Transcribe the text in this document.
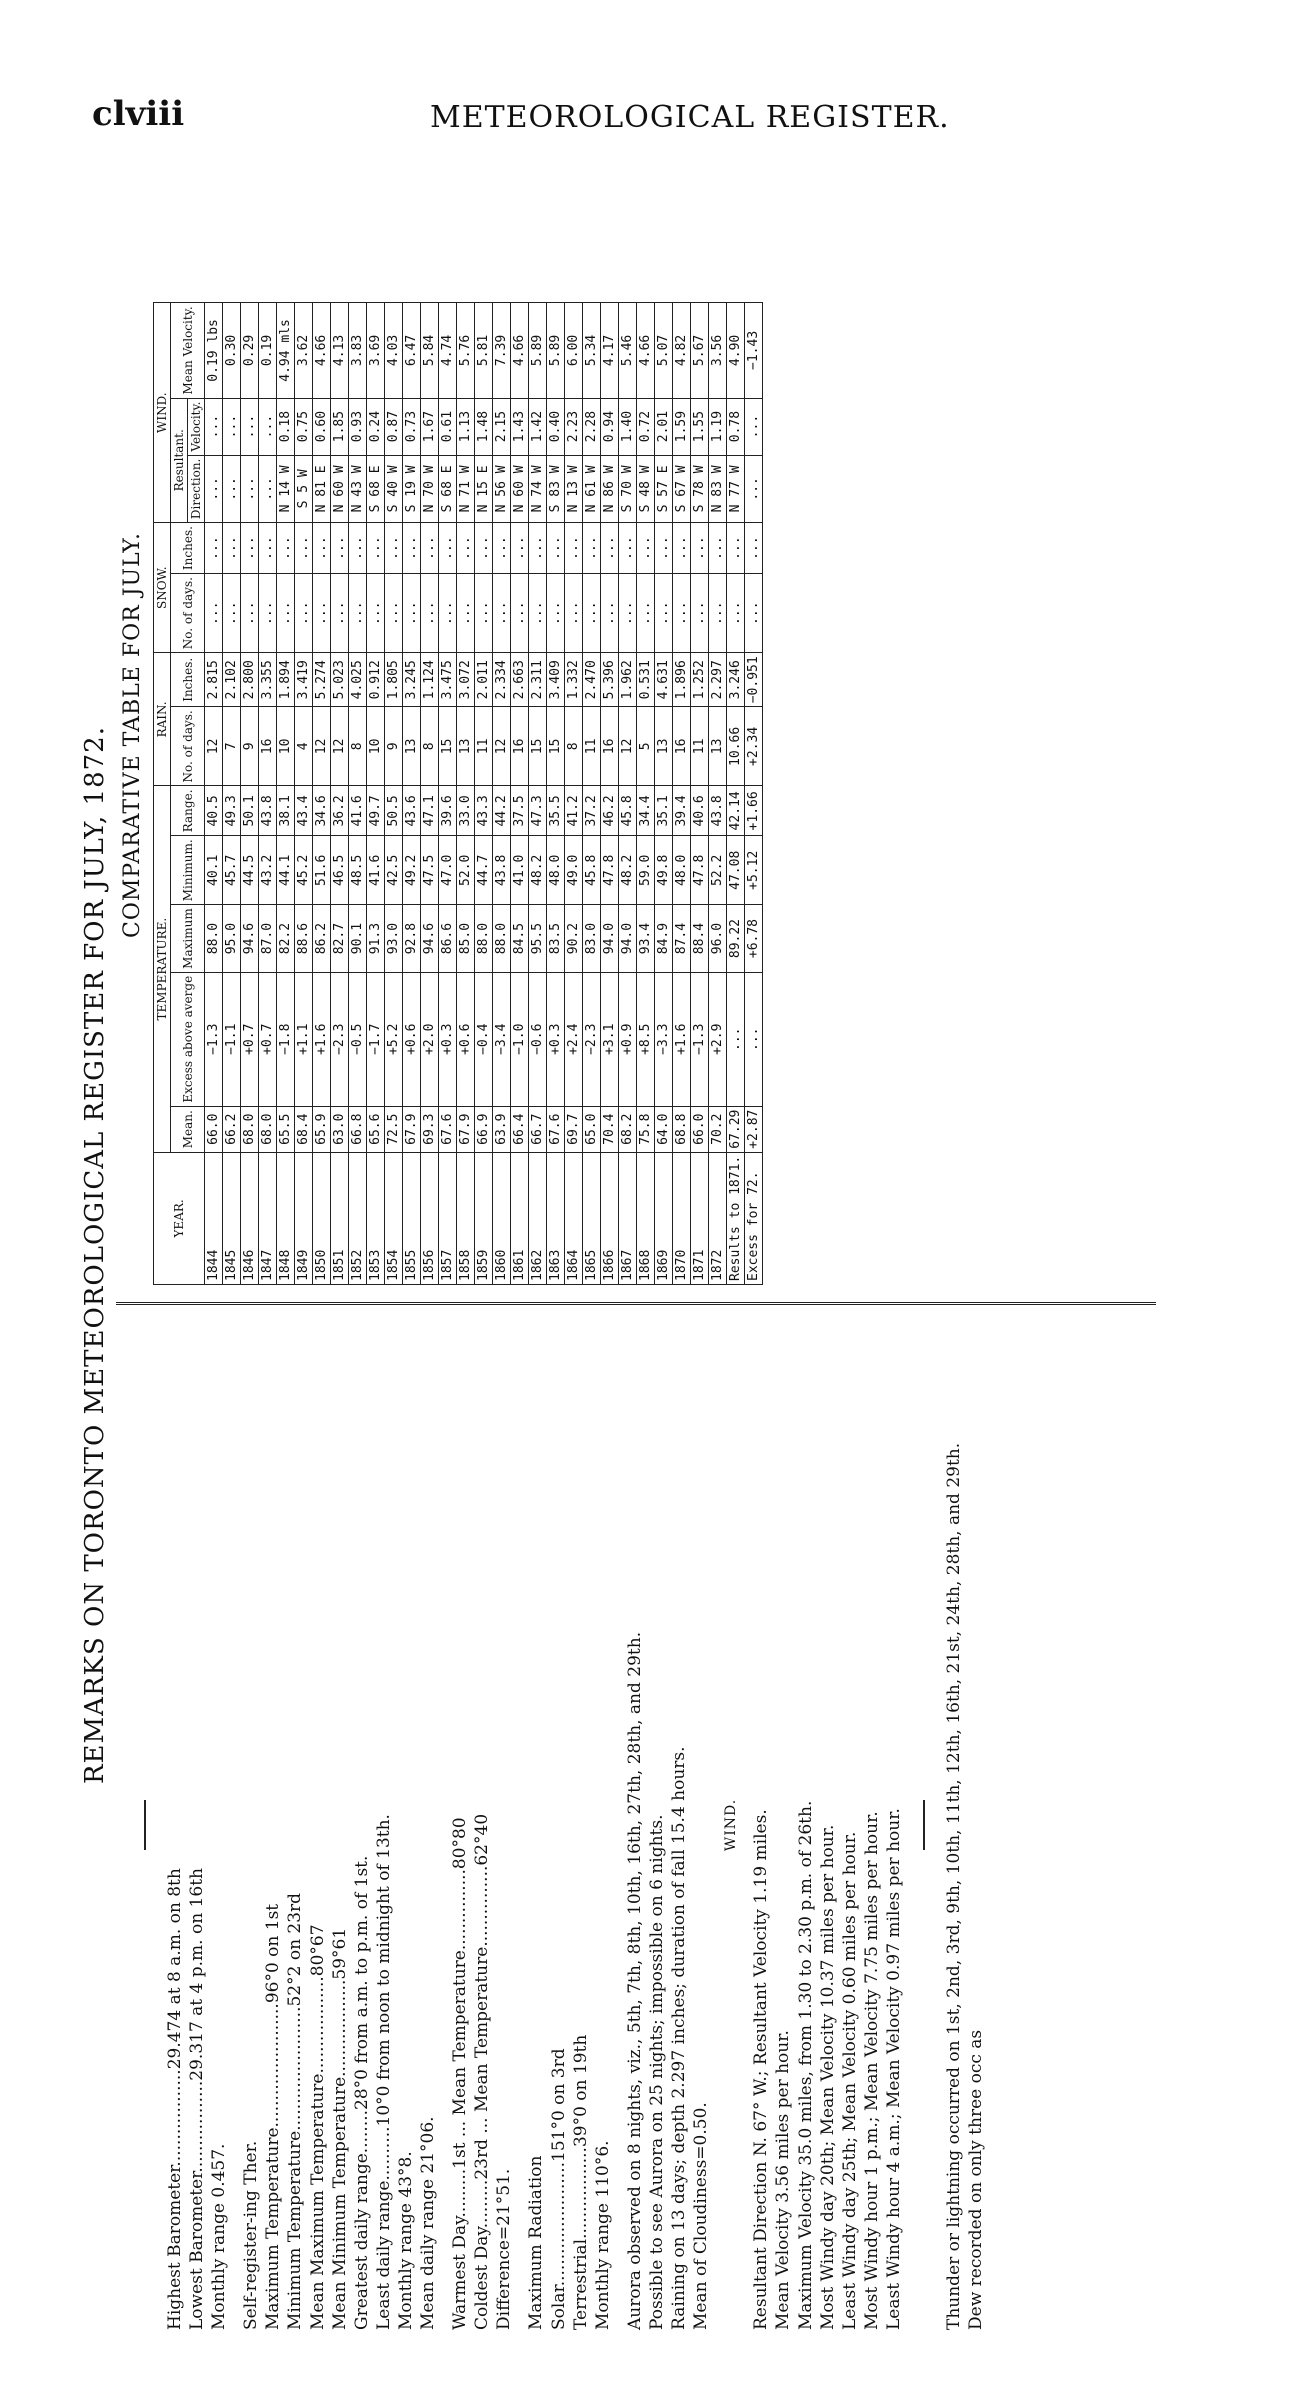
clviii	METEOROLOGICAL REGISTER.
REMARKS ON TORONTO METEOROLOGICAL REGISTER FOR JULY, 1872.
Highest Barometer..................29.474 at 8 a.m. on 8th Lowest Barometer.................29.317 at 4 p.m. on 16th Monthly range 0.457. Self-register-ing Ther. Maximum Temperature.......................96°0 on 1st Minimum Temperature.......................52°2 on 23rd Mean Maximum Temperature..................80°67 Mean Minimum Temperature..................59°61 Greatest daily range........28°0 from a.m. to p.m. of 1st. Least daily range..........10°0 from noon to midnight of 13th. Monthly range 43°8. Mean daily range 21°06. Warmest Day.........1st ... Mean Temperature...............80°80 Coldest Day.........23rd ... Mean Temperature...............62°40 Difference=21°51. Maximum Radiation Solar.......................151°0 on 3rd Terrestrial.................39°0 on 19th Monthly range 110°6. Aurora observed on 8 nights, viz., 5th, 7th, 8th, 10th, 16th, 27th, 28th, and 29th. Possible to see Aurora on 25 nights; impossible on 6 nights. Raining on 13 days; depth 2.297 inches; duration of fall 15.4 hours. Mean of Cloudiness=0.50.
WIND. Resultant Direction N. 67° W.; Resultant Velocity 1.19 miles. Mean Velocity 3.56 miles per hour. Maximum Velocity 35.0 miles, from 1.30 to 2.30 p.m. of 26th. Most Windy day 20th; Mean Velocity 10.37 miles per hour. Least Windy day 25th; Mean Velocity 0.60 miles per hour. Most Windy hour 1 p.m.; Mean Velocity 7.75 miles per hour. Least Windy hour 4 a.m.; Mean Velocity 0.97 miles per hour. Thunder or lightning occurred on 1st, 2nd, 3rd, 9th, 10th, 11th, 12th, 16th, 21st, 24th, 28th, and 29th. Dew recorded on only three occ as
COMPARATIVE TABLE FOR JULY.
YEAR.	TEMPERATURE.					RAIN.		SNOW.		WIND.		
	Mean.	Excess above averge	Maximum	Minimum.	Range.	No. of days.	Inches.	No. of days.	Inches.	Resultant.		Mean Velocity.
										Direction.	Velocity.	
1844	66.0	−1.3	88.0	40.1	40.5	12	2.815	...	...	...	...	0.19 lbs
1845	66.2	−1.1	95.0	45.7	49.3	7	2.102	...	...	...	...	0.30
1846	68.0	+0.7	94.6	44.5	50.1	9	2.800	...	...	...	...	0.29
1847	68.0	+0.7	87.0	43.2	43.8	16	3.355	...	...	...	...	0.19
1848	65.5	−1.8	82.2	44.1	38.1	10	1.894	...	...	N 14 W	0.18	4.94 mls
1849	68.4	+1.1	88.6	45.2	43.4	4	3.419	...	...	S 5 W	0.75	3.62
1850	65.9	+1.6	86.2	51.6	34.6	12	5.274	...	...	N 81 E	0.60	4.66
1851	63.0	−2.3	82.7	46.5	36.2	12	5.023	...	...	N 60 W	1.85	4.13
1852	66.8	−0.5	90.1	48.5	41.6	8	4.025	...	...	N 43 W	0.93	3.83
1853	65.6	−1.7	91.3	41.6	49.7	10	0.912	...	...	S 68 E	0.24	3.69
1854	72.5	+5.2	93.0	42.5	50.5	9	1.805	...	...	S 40 W	0.87	4.03
1855	67.9	+0.6	92.8	49.2	43.6	13	3.245	...	...	S 19 W	0.73	6.47
1856	69.3	+2.0	94.6	47.5	47.1	8	1.124	...	...	N 70 W	1.67	5.84
1857	67.6	+0.3	86.6	47.0	39.6	15	3.475	...	...	S 68 E	0.61	4.74
1858	67.9	+0.6	85.0	52.0	33.0	13	3.072	...	...	N 71 W	1.13	5.76
1859	66.9	−0.4	88.0	44.7	43.3	11	2.011	...	...	N 15 E	1.48	5.81
1860	63.9	−3.4	88.0	43.8	44.2	12	2.334	...	...	N 56 W	2.15	7.39
1861	66.4	−1.0	84.5	41.0	37.5	16	2.663	...	...	N 60 W	1.43	4.66
1862	66.7	−0.6	95.5	48.2	47.3	15	2.311	...	...	N 74 W	1.42	5.89
1863	67.6	+0.3	83.5	48.0	35.5	15	3.409	...	...	S 83 W	0.40	5.89
1864	69.7	+2.4	90.2	49.0	41.2	8	1.332	...	...	N 13 W	2.23	6.00
1865	65.0	−2.3	83.0	45.8	37.2	11	2.470	...	...	N 61 W	2.28	5.34
1866	70.4	+3.1	94.0	47.8	46.2	16	5.396	...	...	N 86 W	0.94	4.17
1867	68.2	+0.9	94.0	48.2	45.8	12	1.962	...	...	S 70 W	1.40	5.46
1868	75.8	+8.5	93.4	59.0	34.4	5	0.531	...	...	S 48 W	0.72	4.66
1869	64.0	−3.3	84.9	49.8	35.1	13	4.631	...	...	S 57 E	2.01	5.07
1870	68.8	+1.6	87.4	48.0	39.4	16	1.896	...	...	S 67 W	1.59	4.82
1871	66.0	−1.3	88.4	47.8	40.6	11	1.252	...	...	S 78 W	1.55	5.67
1872	70.2	+2.9	96.0	52.2	43.8	13	2.297	...	...	N 83 W	1.19	3.56
Results to 1871.	67.29	...	89.22	47.08	42.14	10.66	3.246	...	...	N 77 W	0.78	4.90
Excess for 72.	+2.87	...	+6.78	+5.12	+1.66	+2.34	−0.951	...	...	...	...	−1.43
